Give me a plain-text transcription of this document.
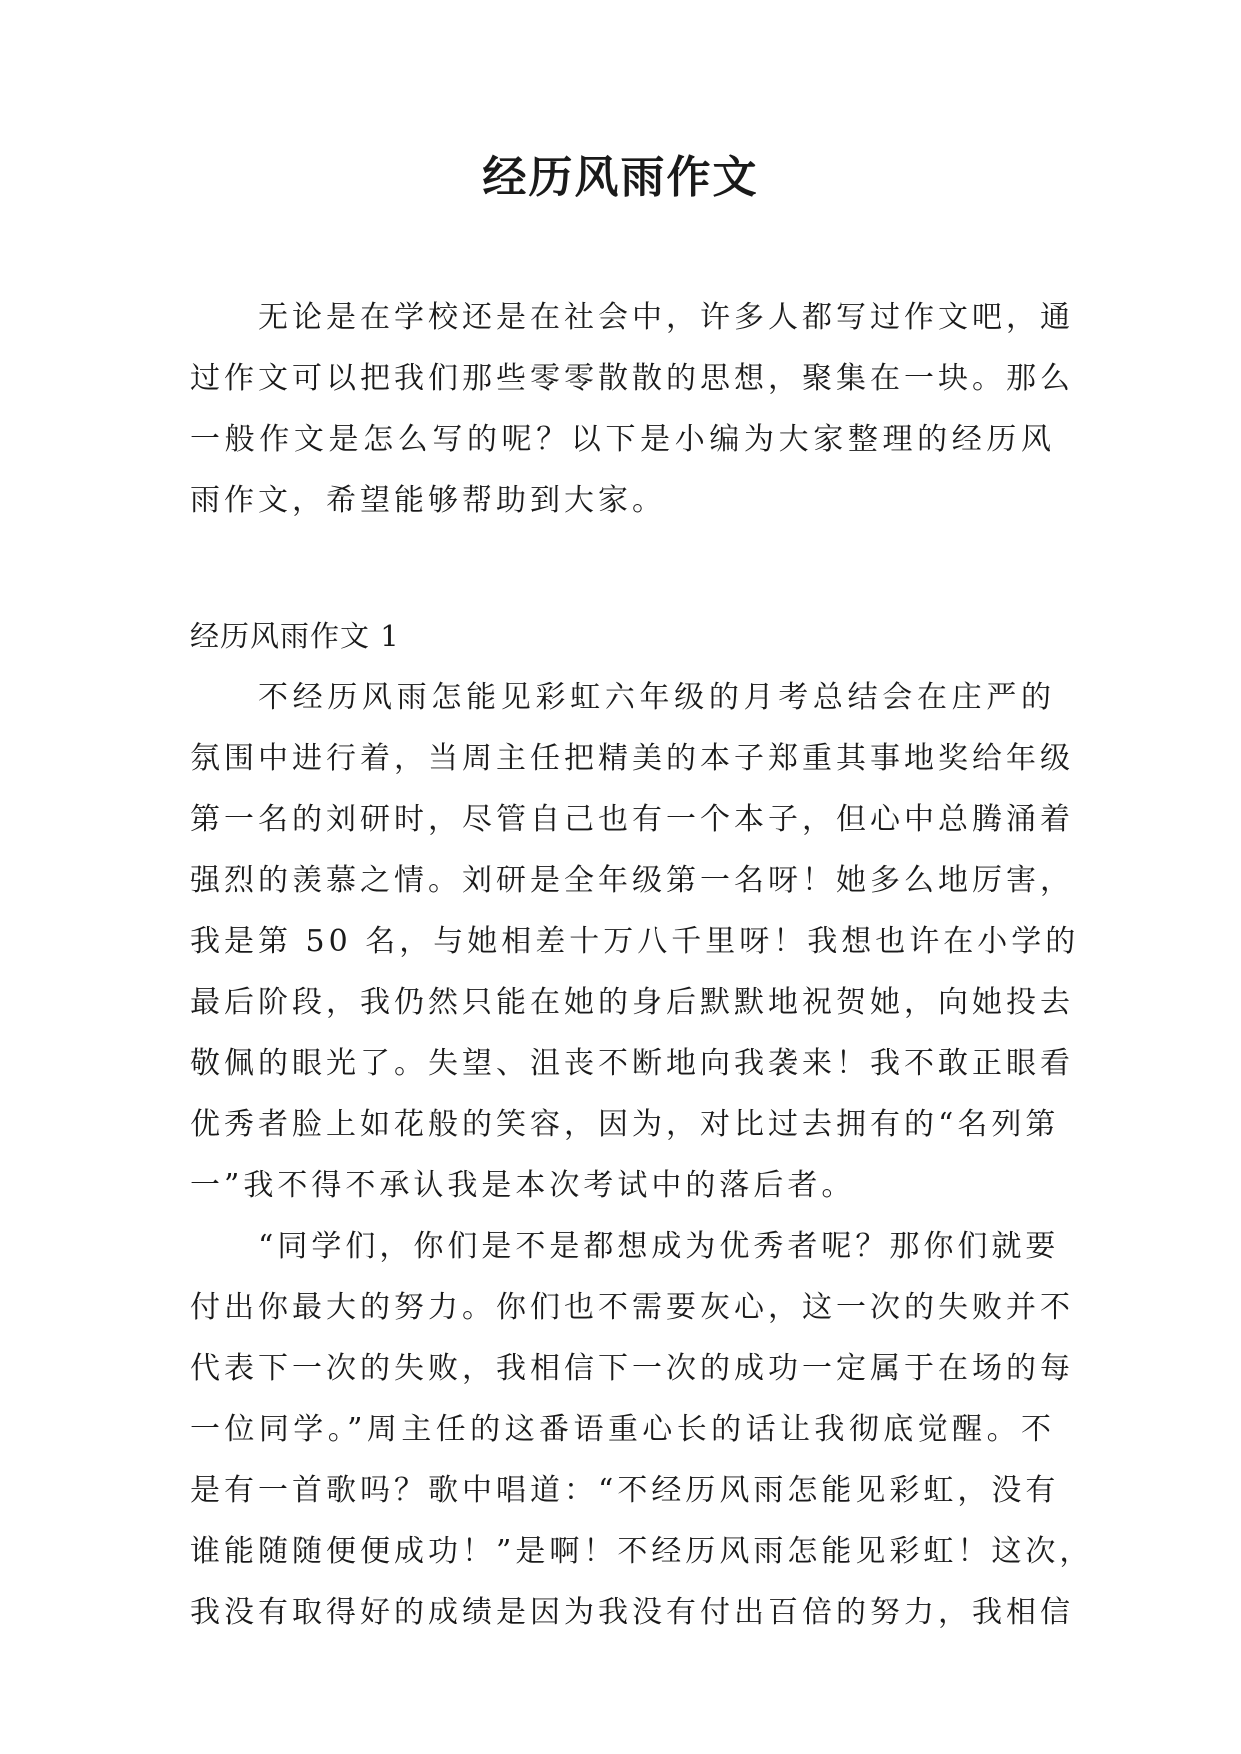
经历风雨作文
无论是在学校还是在社会中，许多人都写过作文吧，通
过作文可以把我们那些零零散散的思想，聚集在一块。那么
一般作文是怎么写的呢？以下是小编为大家整理的经历风
雨作文，希望能够帮助到大家。
经历风雨作文 1
不经历风雨怎能见彩虹六年级的月考总结会在庄严的
氛围中进行着，当周主任把精美的本子郑重其事地奖给年级
第一名的刘研时，尽管自己也有一个本子，但心中总腾涌着
强烈的羡慕之情。刘研是全年级第一名呀！她多么地厉害，
我是第 50 名，与她相差十万八千里呀！我想也许在小学的
最后阶段，我仍然只能在她的身后默默地祝贺她，向她投去
敬佩的眼光了。失望、沮丧不断地向我袭来！我不敢正眼看
优秀者脸上如花般的笑容，因为，对比过去拥有的“名列第
一”我不得不承认我是本次考试中的落后者。
“同学们，你们是不是都想成为优秀者呢？那你们就要
付出你最大的努力。你们也不需要灰心，这一次的失败并不
代表下一次的失败，我相信下一次的成功一定属于在场的每
一位同学。”周主任的这番语重心长的话让我彻底觉醒。不
是有一首歌吗？歌中唱道：“不经历风雨怎能见彩虹，没有
谁能随随便便成功！”是啊！不经历风雨怎能见彩虹！这次，
我没有取得好的成绩是因为我没有付出百倍的努力，我相信
